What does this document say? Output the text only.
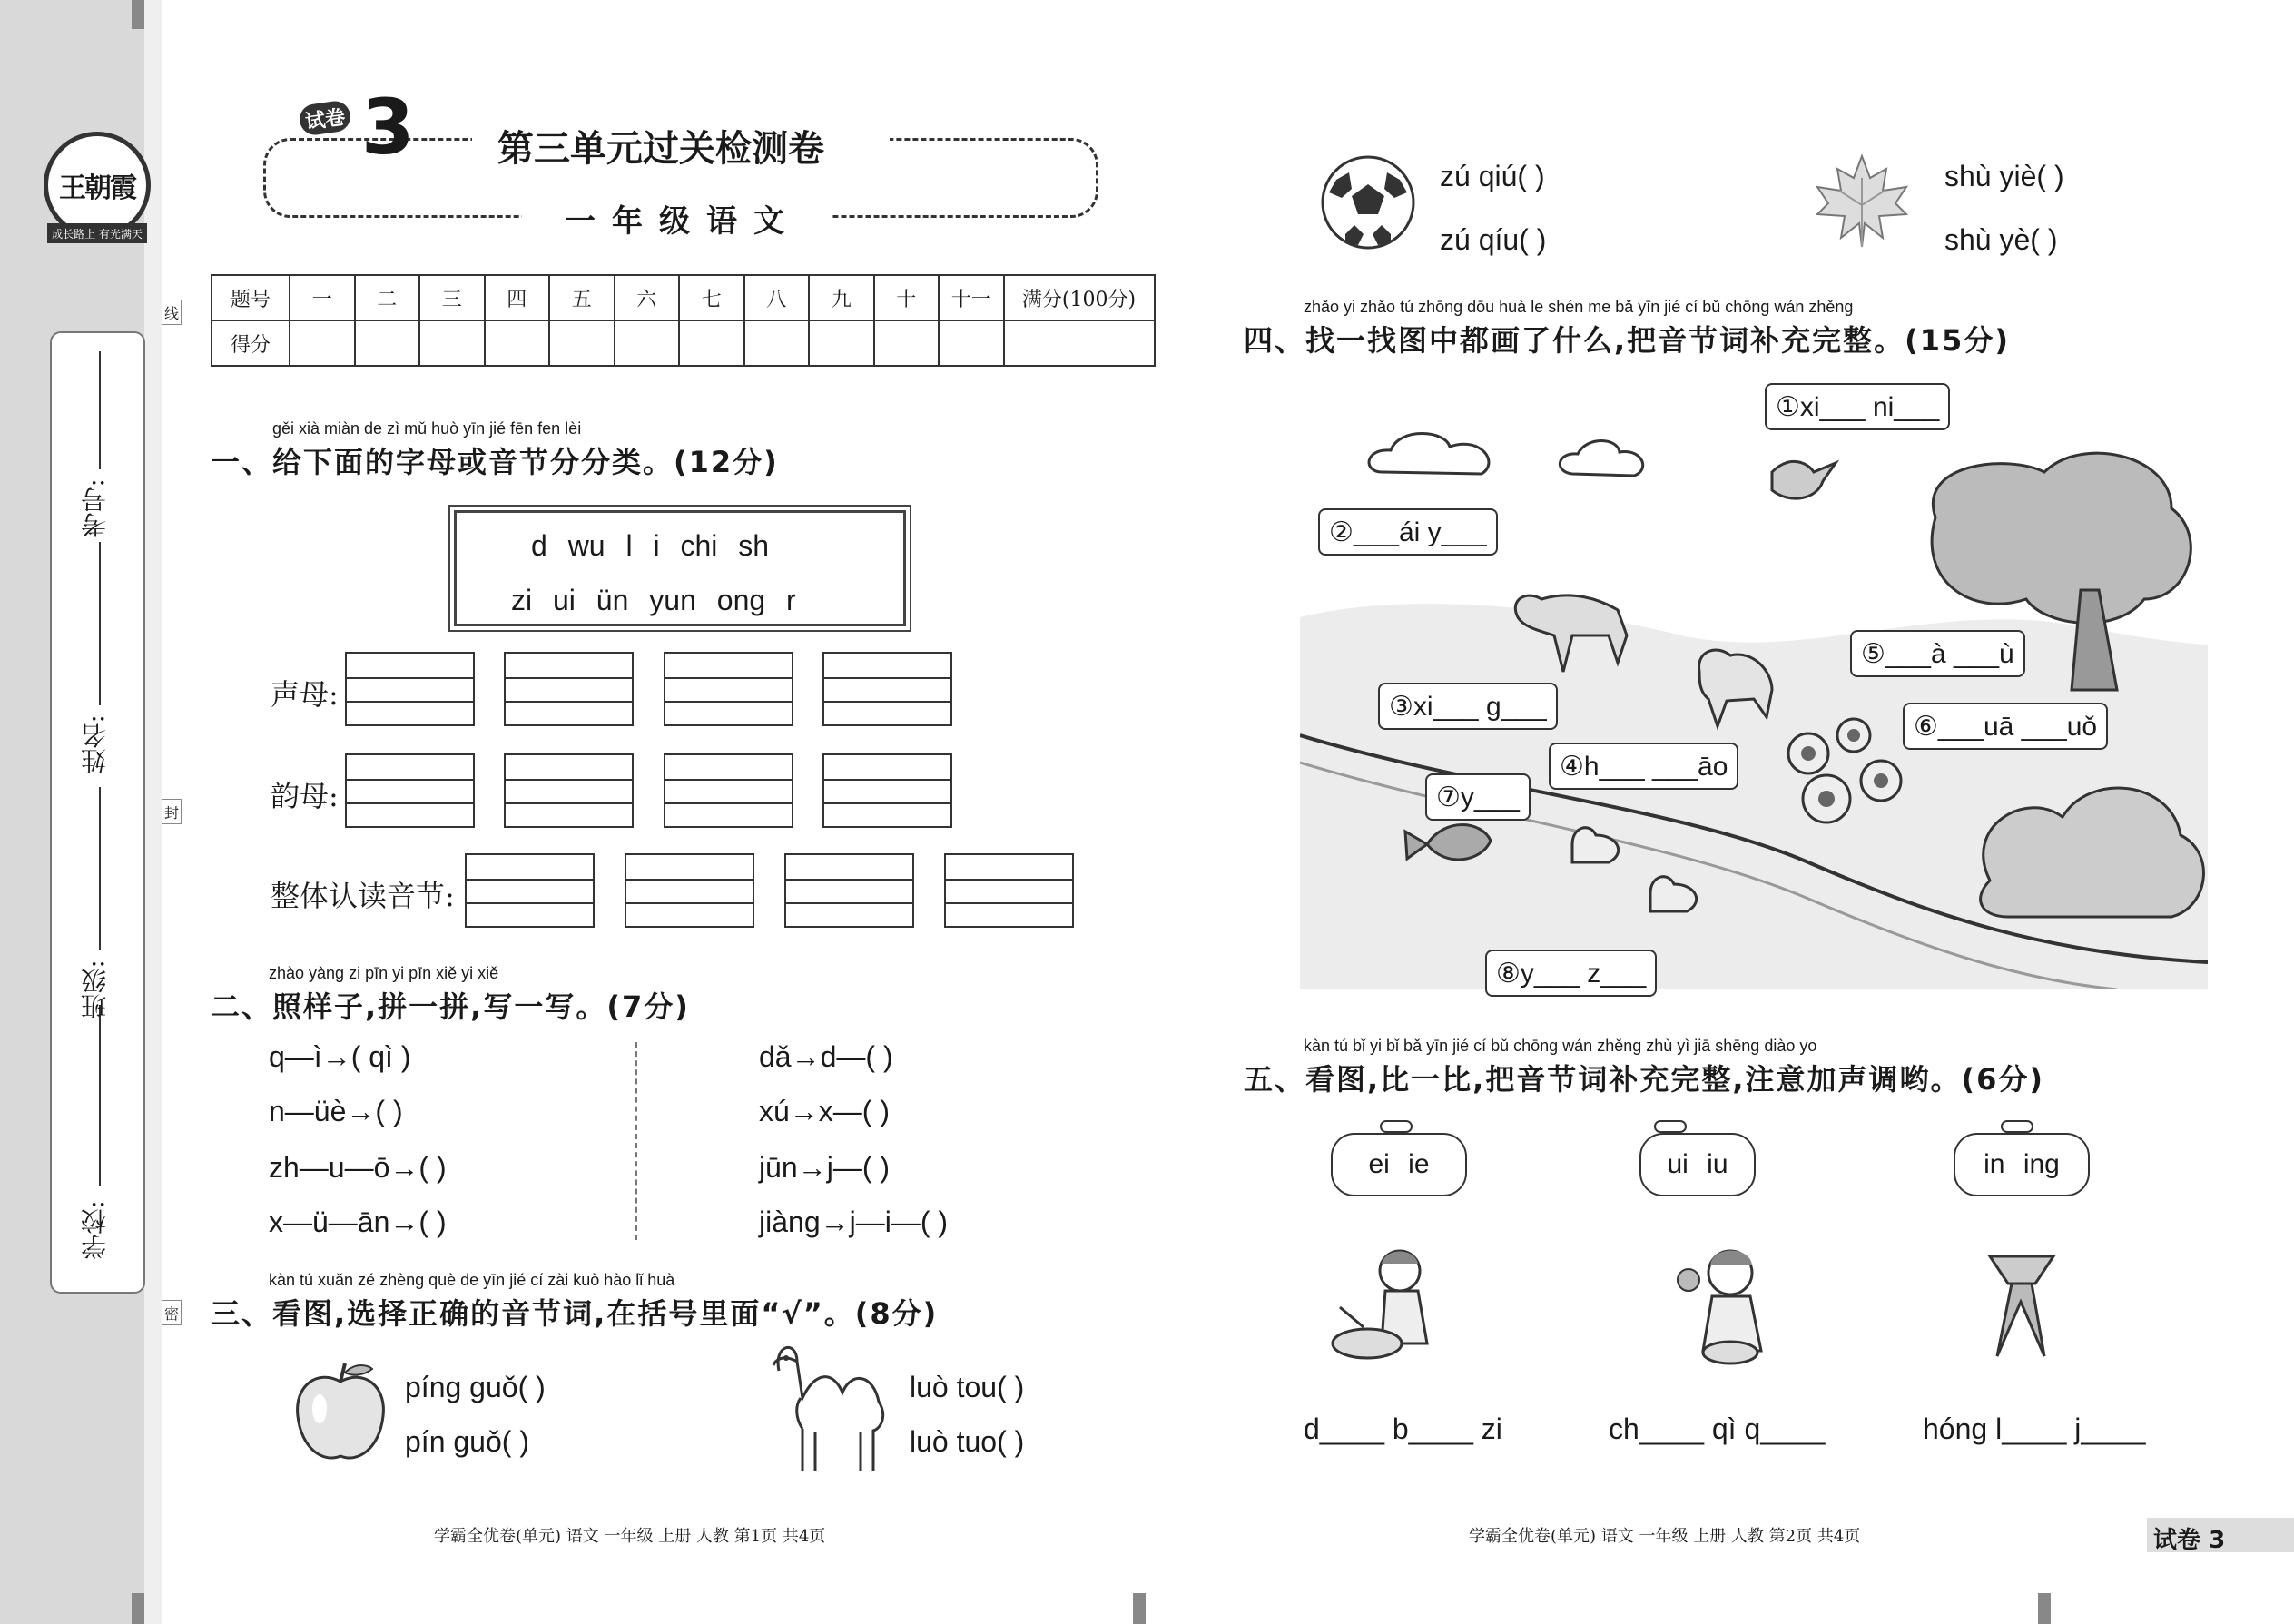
王朝霞
成长路上 有光满天
学校:
班级:
姓名:
考号:
线
封
密
试卷 3 第三单元过关检测卷
一年级语文
题号	一	二	三	四	五	六	七	八	九	十	十一	满分(100分)
得分												
gěi xià miàn de zì mǔ huò yīn jié fēn fen lèi
一、给下面的字母或音节分分类。(12分)
d wu l i chi sh
zi ui ün yun ong r
声母:
韵母:
整体认读音节:
zhào yàng zi pīn yi pīn xiě yi xiě
二、照样子,拼一拼,写一写。(7分)
q—ì→( qì )
n—üè→( )
zh—u—ō→( )
x—ü—ān→( )
dǎ→d—( )
xú→x—( )
jūn→j—( )
jiàng→j—i—( )
kàn tú xuǎn zé zhèng què de yīn jié cí zài kuò hào lǐ huà
三、看图,选择正确的音节词,在括号里面“√”。(8分)
píng guǒ( )
pín guǒ( )
luò tou( )
luò tuo( )
学霸全优卷(单元) 语文 一年级 上册 人教 第1页 共4页
zú qiú( )
zú qíu( )
shù yiè( )
shù yè( )
zhǎo yi zhǎo tú zhōng dōu huà le shén me bǎ yīn jié cí bǔ chōng wán zhěng
四、找一找图中都画了什么,把音节词补充完整。(15分)
①xi___ ni___
②___ái y___
③xi___ g___
④h___ ___āo
⑤___à ___ù
⑥___uā ___uǒ
⑦y___
⑧y___ z___
kàn tú bǐ yi bǐ bǎ yīn jié cí bǔ chōng wán zhěng zhù yì jiā shēng diào yo
五、看图,比一比,把音节词补充完整,注意加声调哟。(6分)
ei ie	ui iu	in ing
d____ b____ zi	ch____ qì q____	hóng l____ j____
学霸全优卷(单元) 语文 一年级 上册 人教 第2页 共4页	试卷 3
